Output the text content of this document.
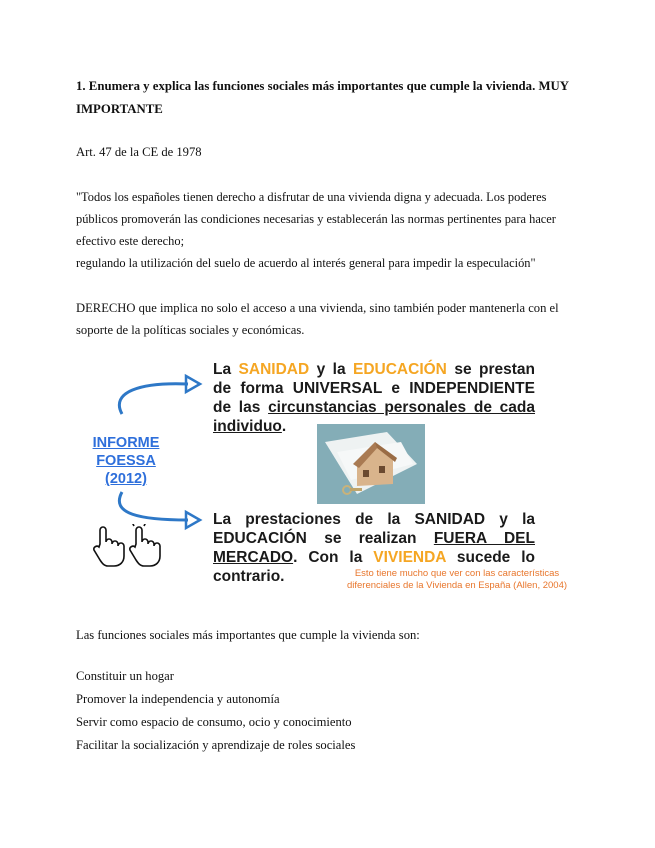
1. Enumera y explica las funciones sociales más importantes que cumple la vivienda. MUY IMPORTANTE
Art. 47 de la CE de 1978
"Todos los españoles tienen derecho a disfrutar de una vivienda digna y adecuada. Los poderes públicos promoverán las condiciones necesarias y establecerán las normas pertinentes para hacer efectivo este derecho;
regulando la utilización del suelo de acuerdo al interés general para impedir la especulación"
DERECHO que implica no solo el acceso a una vivienda, sino también poder mantenerla con el soporte de la políticas sociales y económicas.
INFORME
FOESSA
(2012)
La SANIDAD y la EDUCACIÓN se prestan de forma UNIVERSAL e INDEPENDIENTE de las circunstancias personales de cada individuo.
La prestaciones de la SANIDAD y la EDUCACIÓN se realizan FUERA DEL MERCADO. Con la VIVIENDA sucede lo contrario.	Esto tiene mucho que ver con las características diferenciales de la Vivienda en España (Allen, 2004)
Las funciones sociales más importantes que cumple la vivienda son:
Constituir un hogar
Promover la independencia y autonomía
Servir como espacio de consumo, ocio y conocimiento
Facilitar la socialización y aprendizaje de roles sociales
